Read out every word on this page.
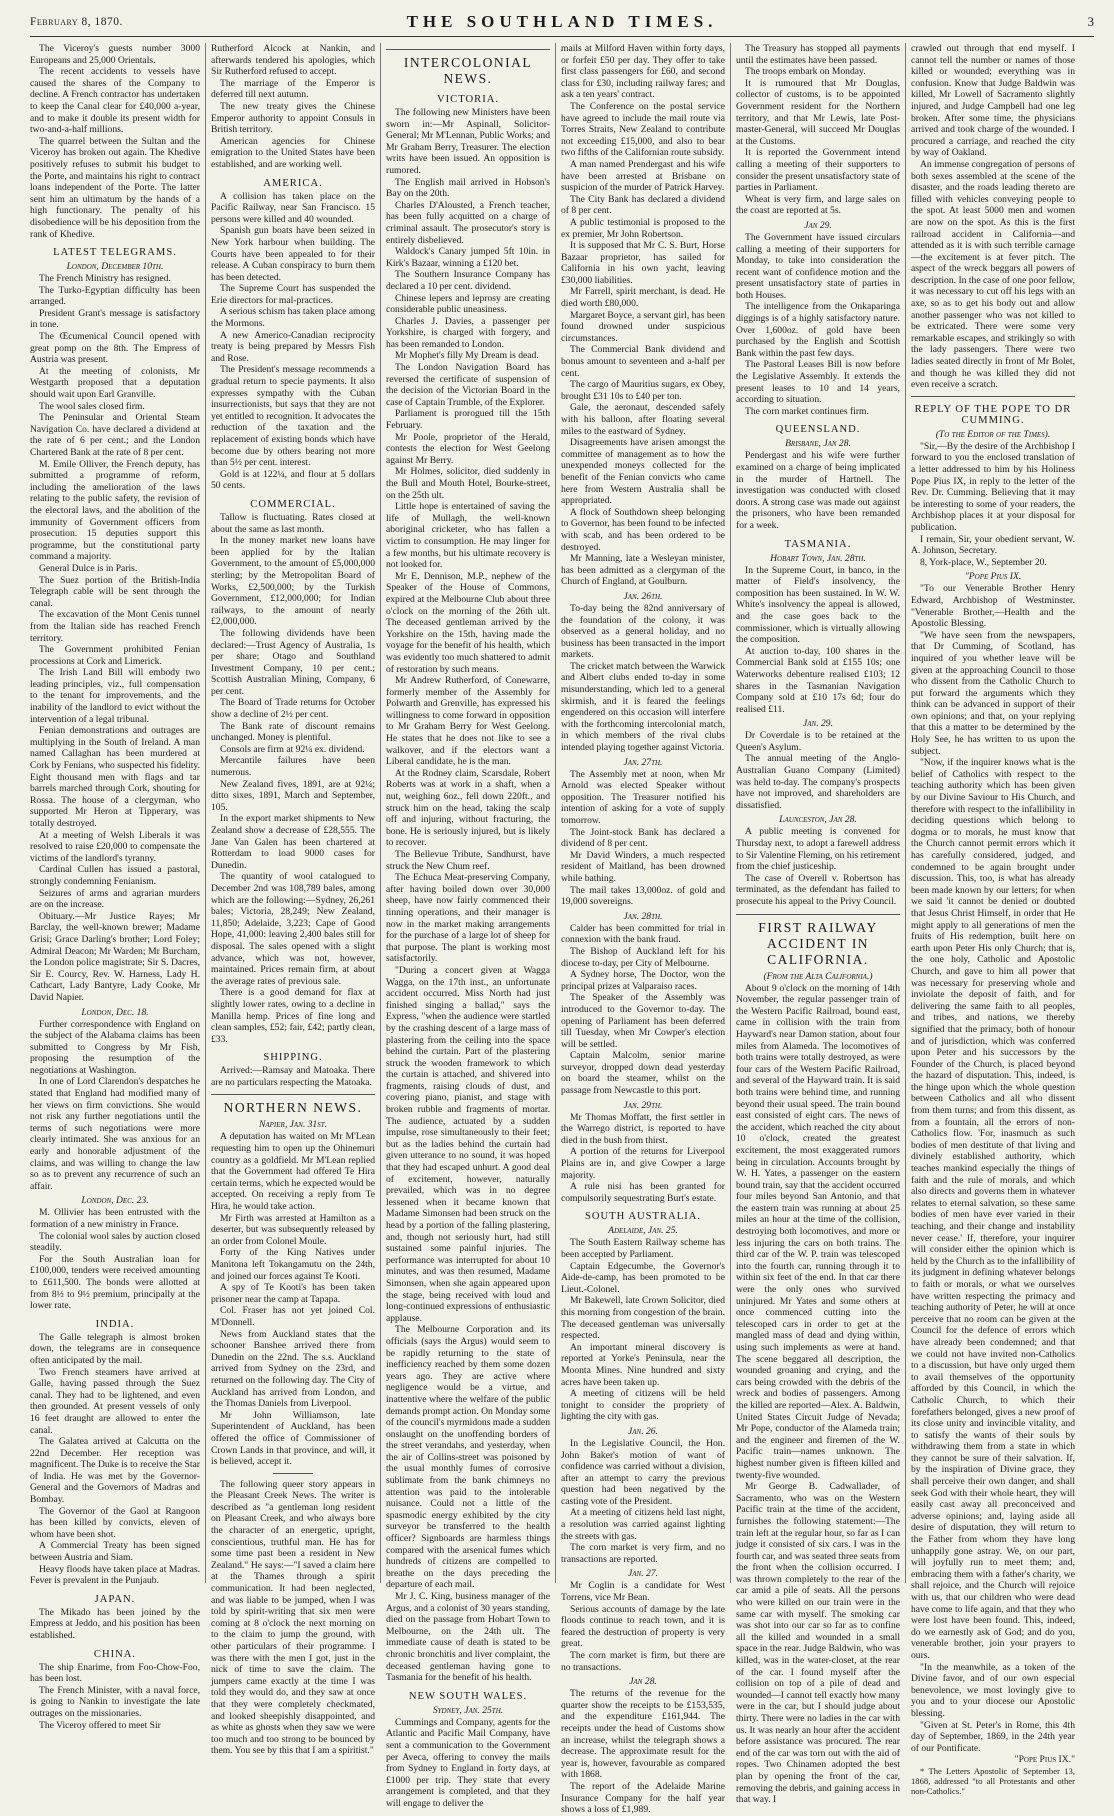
February 8, 1870.	THE SOUTHLAND TIMES.	3

The Viceroy's guests number 3000 Europeans and 25,000 Orientals.

The recent accidents to vessels have caused the shares of the Company to decline. A French contractor has undertaken to keep the Canal clear for £40,000 a-year, and to make it double its present width for two-and-a-half millions.

The quarrel between the Sultan and the Viceroy has broken out again. The Khedive positively refuses to submit his budget to the Porte, and maintains his right to contract loans independent of the Porte. The latter sent him an ultimatum by the hands of a high functionary. The penalty of his disobedience will be his deposition from the rank of Khedive.

LATEST TELEGRAMS.
London, December 10th.

The French Ministry has resigned.

The Turko-Egyptian difficulty has been arranged.

President Grant's message is satisfactory in tone.

The Œcumenical Council opened with great pomp on the 8th. The Empress of Austria was present.

At the meeting of colonists, Mr Westgarth proposed that a deputation should wait upon Earl Granville.

The wool sales closed firm.

The Peninsular and Oriental Steam Navigation Co. have declared a dividend at the rate of 6 per cent.; and the London Chartered Bank at the rate of 8 per cent.

M. Emile Olliver, the French deputy, has submitted a programme of reform, including the amelioration of the laws relating to the public safety, the revision of the electoral laws, and the abolition of the immunity of Government officers from prosecution. 15 deputies support this programme, but the constitutional party command a majority.

General Dulce is in Paris.

The Suez portion of the British-India Telegraph cable will be sent through the canal.

The excavation of the Mont Cenis tunnel from the Italian side has reached French territory.

The Government prohibited Fenian processions at Cork and Limerick.

The Irish Land Bill will embody two leading principles, viz., full compensation to the tenant for improvements, and the inability of the landlord to evict without the intervention of a legal tribunal.

Fenian demonstrations and outrages are multiplying in the South of Ireland. A man named Callaghan has been murdered at Cork by Fenians, who suspected his fidelity. Eight thousand men with flags and tar barrels marched through Cork, shouting for Rossa. The house of a clergyman, who supported Mr Heron at Tipperary, was totally destroyed.

At a meeting of Welsh Liberals it was resolved to raise £20,000 to compensate the victims of the landlord's tyranny.

Cardinal Cullen has issued a pastoral, strongly condemning Fenianism.

Seizures of arms and agrarian murders are on the increase.

Obituary.—Mr Justice Rayes; Mr Barclay, the well-known brewer; Madame Grisi; Grace Darling's brother; Lord Foley; Admiral Deacon; Mr Warden; Mr Burcham, the London police magistrate; Sir S. Dacres, Sir E. Courcy, Rev. W. Harness, Lady H. Cathcart, Lady Bantyre, Lady Cooke, Mr David Napier.

London, Dec. 18.

Further correspondence with England on the subject of the Alabama claims has been submitted to Congress by Mr Fish, proposing the resumption of the negotiations at Washington.

In one of Lord Clarendon's despatches he stated that England had modified many of her views on firm convictions. She would not risk any further negotiations until the terms of such negotiations were more clearly intimated. She was anxious for an early and honorable adjustment of the claims, and was willing to change the law so as to prevent any recurrence of such an affair.

London, Dec. 23.

M. Ollivier has been entrusted with the formation of a new ministry in France.

The colonial wool sales by auction closed steadily.

For the South Australian loan for £100,000, tenders were received amounting to £611,500. The bonds were allotted at from 8½ to 9½ premium, principally at the lower rate.

INDIA.

The Galle telegraph is almost broken down, the telegrams are in consequence often anticipated by the mail.

Two French steamers have arrived at Galle, having passed through the Suez canal. They had to be lightened, and even then grounded. At present vessels of only 16 feet draught are allowed to enter the canal.

The Galatea arrived at Calcutta on the 22nd December. Her reception was magnificent. The Duke is to receive the Star of India. He was met by the Governor-General and the Governors of Madras and Bombay.

The Governor of the Gaol at Rangoon has been killed by convicts, eleven of whom have been shot.

A Commercial Treaty has been signed between Austria and Siam.

Heavy floods have taken place at Madras. Fever is prevalent in the Punjaub.

JAPAN.

The Mikado has been joined by the Empress at Jeddo, and his position has been established.

CHINA.

The ship Enarime, from Foo-Chow-Foo, has been lost.

The French Minister, with a naval force, is going to Nankin to investigate the late outrages on the missionaries.

The Viceroy offered to meet Sir

Rutherford Alcock at Nankin, and afterwards tendered his apologies, which Sir Rutherford refused to accept.

The marriage of the Emperor is deferred till next autumn.

The new treaty gives the Chinese Emperor authority to appoint Consuls in British territory.

American agencies for Chinese emigration to the United States have been established, and are working well.

AMERICA.

A collision has taken place on the Pacific Railway, near San Francisco. 15 persons were killed and 40 wounded.

Spanish gun boats have been seized in New York harbour when building. The Courts have been appealed to for their release. A Cuban conspiracy to burn them has been detected.

The Supreme Court has suspended the Erie directors for mal-practices.

A serious schism has taken place among the Mormons.

A new Americo-Canadian reciprocity treaty is being prepared by Messrs Fish and Rose.

The President's message recommends a gradual return to specie payments. It also expresses sympathy with the Cuban insurrectionists, but says that they are not yet entitled to recognition. It advocates the reduction of the taxation and the replacement of existing bonds which have become due by others bearing not more than 5½ per cent. interest.

Gold is at 122¼, and flour at 5 dollars 50 cents.

COMMERCIAL.

Tallow is fluctuating. Rates closed at about the same as last month.

In the money market new loans have been applied for by the Italian Government, to the amount of £5,000,000 sterling; by the Metropolitan Board of Works, £2,500,000; by the Turkish Government, £12,000,000; for Indian railways, to the amount of nearly £2,000,000.

The following dividends have been declared:—Trust Agency of Australia, 1s per share; Otago and Southland Investment Company, 10 per cent.; Scottish Australian Mining, Company, 6 per cent.

The Board of Trade returns for October show a decline of 2½ per cent.

The Bank rate of discount remains unchanged. Money is plentiful.

Consols are firm at 92¼ ex. dividend.

Mercantile failures have been numerous.

New Zealand fives, 1891, are at 92¼; ditto sixes, 1891, March and September, 105.

In the export market shipments to New Zealand show a decrease of £28,555. The Jane Van Galen has been chartered at Rotterdam to load 9000 cases for Dunedin.

The quantity of wool catalogued to December 2nd was 108,789 bales, among which are the following:—Sydney, 26,261 bales; Victoria, 28,249; New Zealand, 11,850; Adelaide, 3,223; Cape of Good Hope, 41,000: leaving 2,400 bales still for disposal. The sales opened with a slight advance, which was not, however, maintained. Prices remain firm, at about the average rates of previous sale.

There is a good demand for flax at slightly lower rates, owing to a decline in Manilla hemp. Prices of fine long and clean samples, £52; fair, £42; partly clean, £33.

SHIPPING.

Arrived:—Ramsay and Matoaka. There are no particulars respecting the Matoaka.

NORTHERN NEWS.
Napier, Jan. 31st.

A deputation has waited on Mr M'Lean requesting him to open up the Ohinemuri country as a goldfield. Mr M'Lean replied that the Government had offered Te Hira certain terms, which he expected would be accepted. On receiving a reply from Te Hira, he would take action.

Mr Firth was arrested at Hamilton as a deserter, but was subsequently released by an order from Colonel Moule.

Forty of the King Natives under Manitona left Tokangamutu on the 24th, and joined our forces against Te Kooti.

A spy of Te Kooti's has been taken prisoner near the camp at Tapapa.

Col. Fraser has not yet joined Col. M'Donnell.

News from Auckland states that the schooner Banshee arrived there from Dunedin on the 22nd. The s.s. Auckland arrived from Sydney on the 23rd, and returned on the following day. The City of Auckland has arrived from London, and the Thomas Daniels from Liverpool.

Mr John Williamson, late Superintendent of Auckland, has been offered the office of Commissioner of Crown Lands in that province, and will, it is believed, accept it.

The following queer story appears in the Pleasant Creek News. The writer is described as "a gentleman long resident on Pleasant Creek, and who always bore the character of an energetic, upright, conscientious, truthful man. He has for some time past been a resident in New Zealand." He says:—"I saved a claim here at the Thames through a spirit communication. It had been neglected, and was liable to be jumped, when I was told by spirit-writing that six men were coming at 8 o'clock the next morning on to the claim to jump the ground, with other particulars of their programme. I was there with the men I got, just in the nick of time to save the claim. The jumpers came exactly at the time I was told they would do, and they saw at once that they were completely checkmated, and looked sheepishly disappointed, and as white as ghosts when they saw we were too much and too strong to be bounced by them. You see by this that I am a spiritist."

INTERCOLONIAL NEWS.
VICTORIA.

The following new Ministers have been sworn in:—Mr Aspinall, Solicitor-General; Mr M'Lennan, Public Works; and Mr Graham Berry, Treasurer. The election writs have been issued. An opposition is rumored.

The English mail arrived in Hobson's Bay on the 20th.

Charles D'Alousted, a French teacher, has been fully acquitted on a charge of criminal assault. The prosecutor's story is entirely disbelieved.

Waldock's Canary jumped 5ft 10in. in Kirk's Bazaar, winning a £120 bet.

The Southern Insurance Company has declared a 10 per cent. dividend.

Chinese lepers and leprosy are creating considerable public uneasiness.

Charles J. Davies, a passenger per Yorkshire, is charged with forgery, and has been remanded to London.

Mr Mophet's filly My Dream is dead.

The London Navigation Board has reversed the certificate of suspension of the decision of the Victorian Board in the case of Captain Trumble, of the Explorer.

Parliament is prorogued till the 15th February.

Mr Poole, proprietor of the Herald, contests the election for West Geelong against Mr Berry.

Mr Holmes, solicitor, died suddenly in the Bull and Mouth Hotel, Bourke-street, on the 25th ult.

Little hope is entertained of saving the life of Mullagh, the well-known aboriginal cricketer, who has fallen a victim to consumption. He may linger for a few months, but his ultimate recovery is not looked for.

Mr E. Dennison, M.P., nephew of the Speaker of the House of Commons, expired at the Melbourne Club about three o'clock on the morning of the 26th ult. The deceased gentleman arrived by the Yorkshire on the 15th, having made the voyage for the benefit of his health, which was evidently too much shattered to admit of restoration by such means.

Mr Andrew Rutherford, of Conewarre, formerly member of the Assembly for Polwarth and Grenville, has expressed his willingness to come forward in opposition to Mr Graham Berry for West Geelong. He states that he does not like to see a walkover, and if the electors want a Liberal candidate, he is the man.

At the Rodney claim, Scarsdale, Robert Roberts was at work in a shaft, when a nut, weighing 6oz., fell down 220ft., and struck him on the head, taking the scalp off and injuring, without fracturing, the bone. He is seriously injured, but is likely to recover.

The Bellevue Tribute, Sandhurst, have struck the New Chum reef.

The Echuca Meat-preserving Company, after having boiled down over 30,000 sheep, have now fairly commenced their tinning operations, and their manager is now in the market making arrangements for the purchase of a large lot of sheep for that purpose. The plant is working most satisfactorily.

"During a concert given at Wagga Wagga, on the 17th inst., an unfortunate accident occurred. Miss North had just finished singing a ballad," says the Express, "when the audience were startled by the crashing descent of a large mass of plastering from the ceiling into the space behind the curtain. Part of the plastering struck the wooden framework to which the curtain is attached, and shivered into fragments, raising clouds of dust, and covering piano, pianist, and stage with broken rubble and fragments of mortar. The audience, actuated by a sudden impulse, rose simultaneously to their feet; but as the ladies behind the curtain had given utterance to no sound, it was hoped that they had escaped unhurt. A good deal of excitement, however, naturally prevailed, which was in no degree lessened when it became known that Madame Simonsen had been struck on the head by a portion of the falling plastering, and, though not seriously hurt, had still sustained some painful injuries. The performance was interrupted for about 10 minutes, and was then resumed, Madame Simonsen, when she again appeared upon the stage, being received with loud and long-continued expressions of enthusiastic applause.

The Melbourne Corporation and its officials (says the Argus) would seem to be rapidly returning to the state of inefficiency reached by them some dozen years ago. They are active where negligence would be a virtue, and inattentive where the welfare of the public demands prompt action. On Monday some of the council's myrmidons made a sudden onslaught on the unoffending borders of the street verandahs, and yesterday, when the air of Collins-street was poisoned by the usual monthly fumes of corrosive sublimate from the bank chimneys no attention was paid to the intolerable nuisance. Could not a little of the spasmodic energy exhibited by the city surveyor be transferred to the health officer? Signboards are harmless things compared with the arsenical fumes which hundreds of citizens are compelled to breathe on the days preceding the departure of each mail.

Mr J. C. King, business manager of the Argus, and a colonist of 30 years standing, died on the passage from Hobart Town to Melbourne, on the 24th ult. The immediate cause of death is stated to be chronic bronchitis and liver complaint, the deceased gentleman having gone to Tasmania for the benefit of his health.

NEW SOUTH WALES.
Sydney, Jan. 25th.

Cummings and Company, agents for the Atlantic and Pacific Mail Company, have sent a communication to the Government per Aveca, offering to convey the mails from Sydney to England in forty days, at £1000 per trip. They state that every arrangement is completed, and that they will engage to deliver the

mails at Milford Haven within forty days, or forfeit £50 per day. They offer to take first class passengers for £60, and second class for £30, including railway fares; and ask a ten years' contract.

The Conference on the postal service have agreed to include the mail route via Torres Straits, New Zealand to contribute not exceeding £15,000, and also to bear two fifths of the Californian route subsidy.

A man named Prendergast and his wife have been arrested at Brisbane on suspicion of the murder of Patrick Harvey.

The City Bank has declared a dividend of 8 per cent.

A public testimonial is proposed to the ex premier, Mr John Robertson.

It is supposed that Mr C. S. Burt, Horse Bazaar proprietor, has sailed for California in his own yacht, leaving £30,000 liabilities.

Mr Farrell, spirit merchant, is dead. He died worth £80,000.

Margaret Boyce, a servant girl, has been found drowned under suspicious circumstances.

The Commercial Bank dividend and bonus amount to seventeen and a-half per cent.

The cargo of Mauritius sugars, ex Obey, brought £31 10s to £40 per ton.

Gale, the aeronaut, descended safely with his balloon, after floating several miles to the eastward of Sydney.

Disagreements have arisen amongst the committee of management as to how the unexpended moneys collected for the benefit of the Fenian convicts who came here from Western Australia shall be appropriated.

A flock of Southdown sheep belonging to Governor, has been found to be infected with scab, and has been ordered to be destroyed.

Mr Manning, late a Wesleyan minister, has been admitted as a clergyman of the Church of England, at Goulburn.

Jan. 26th.

To-day being the 82nd anniversary of the foundation of the colony, it was observed as a general holiday, and no business has been transacted in the import markets.

The cricket match between the Warwick and Albert clubs ended to-day in some misunderstanding, which led to a general skirmish, and it is feared the feelings engendered on this occasion will interfere with the forthcoming intercolonial match, in which members of the rival clubs intended playing together against Victoria.

Jan. 27th.

The Assembly met at noon, when Mr Arnold was elected Speaker without opposition. The Treasurer notified his intention of asking for a vote of supply tomorrow.

The Joint-stock Bank has declared a dividend of 8 per cent.

Mr David Winders, a much respected resident of Maitland, has been drowned while bathing.

The mail takes 13,000oz. of gold and 19,000 sovereigns.

Jan. 28th.

Calder has been committed for trial in connexion with the bank fraud.

The Bishop of Auckland left for his diocese to-day, per City of Melbourne.

A Sydney horse, The Doctor, won the principal prizes at Valparaiso races.

The Speaker of the Assembly was introduced to the Governor to-day. The opening of Parliament has been deferred till Tuesday, when Mr Cowper's election will be settled.

Captain Malcolm, senior marine surveyor, dropped down dead yesterday on board the steamer, whilst on the passage from Newcastle to this port.

Jan. 29th.

Mr Thomas Moffatt, the first settler in the Warrego district, is reported to have died in the bush from thirst.

A portion of the returns for Liverpool Plains are in, and give Cowper a large majority.

A rule nisi has been granted for compulsorily sequestrating Burt's estate.

SOUTH AUSTRALIA.
Adelaide, Jan. 25.

The South Eastern Railway scheme has been accepted by Parliament.

Captain Edgecumbe, the Governor's Aide-de-camp, has been promoted to be Lieut.-Colonel.

Mr Bakewell, late Crown Solicitor, died this morning from congestion of the brain. The deceased gentleman was universally respected.

An important mineral discovery is reported at Yorke's Peninsula, near the Moonta Mines. Nine hundred and sixty acres have been taken up.

A meeting of citizens will be held tonight to consider the propriety of lighting the city with gas.

Jan. 26.

In the Legislative Council, the Hon. John Baker's motion of want of confidence was carried without a division, after an attempt to carry the previous question had been negatived by the casting vote of the President.

At a meeting of citizens held last night, a resolution was carried against lighting the streets with gas.

The corn market is very firm, and no transactions are reported.

Jan. 27.

Mr Coglin is a candidate for West Torrens, vice Mr Bean.

Serious accounts of damage by the late floods continue to reach town, and it is feared the destruction of property is very great.

The corn market is firm, but there are no transactions.

Jan 28.

The returns of the revenue for the quarter show the receipts to be £153,535, and the expenditure £161,944. The receipts under the head of Customs show an increase, whilst the telegraph shows a decrease. The approximate result for the year is, however, favourable as compared with 1868.

The report of the Adelaide Marine Insurance Company for the half year shows a loss of £1,989.

The Treasury has stopped all payments until the estimates have been passed.

The troops embark on Monday.

It is rumoured that Mr Douglas, collector of customs, is to be appointed Government resident for the Northern territory, and that Mr Lewis, late Post-master-General, will succeed Mr Douglas at the Customs.

It is reported the Government intend calling a meeting of their supporters to consider the present unsatisfactory state of parties in Parliament.

Wheat is very firm, and large sales on the coast are reported at 5s.

Jan 29.

The Government have issued circulars calling a meeting of their supporters for Monday, to take into consideration the recent want of confidence motion and the present unsatisfactory state of parties in both Houses.

The intelligence from the Onkaparinga diggings is of a highly satisfactory nature. Over 1,600oz. of gold have been purchased by the English and Scottish Bank within the past few days.

The Pastoral Leases Bill is now before the Legislative Assembly. It extends the present leases to 10 and 14 years, according to situation.

The corn market continues firm.

QUEENSLAND.
Brisbane, Jan 28.

Pendergast and his wife were further examined on a charge of being implicated in the murder of Hartnell. The investigation was conducted with closed doors. A strong case was made out against the prisoners, who have been remanded for a week.

TASMANIA.
Hobart Town, Jan. 28th.

In the Supreme Court, in banco, in the matter of Field's insolvency, the composition has been sustained. In W. W. White's insolvency the appeal is allowed, and the case goes back to the commissioner, which is virtually allowing the composition.

At auction to-day, 100 shares in the Commercial Bank sold at £155 10s; one Waterworks debenture realised £103; 12 shares in the Tasmanian Navigation Company sold at £10 17s 6d; four do realised £11.

Jan. 29.

Dr Coverdale is to be retained at the Queen's Asylum.

The annual meeting of the Anglo-Australian Guano Company (Limited) was held to-day. The company's prospects have not improved, and shareholders are dissatisfied.

Launceston, Jan 28.

A public meeting is convened for Thursday next, to adopt a farewell address to Sir Valentine Fleming, on his retirement from the chief justiceship.

The case of Overell v. Robertson has terminated, as the defendant has failed to prosecute his appeal to the Privy Council.

FIRST RAILWAY ACCIDENT IN CALIFORNIA.
(From the Alta California.)

About 9 o'clock on the morning of 14th November, the regular passenger train of the Western Pacific Railroad, bound east, came in collision with the train from Hayward's near Damon station, about four miles from Alameda. The locomotives of both trains were totally destroyed, as were four cars of the Western Pacific Railroad, and several of the Hayward train. It is said both trains were behind time, and running beyond their usual speed. The train bound east consisted of eight cars. The news of the accident, which reached the city about 10 o'clock, created the greatest excitement, the most exaggerated rumors being in circulation. Accounts brought by W. H. Yates, a passenger on the eastern bound train, say that the accident occurred four miles beyond San Antonio, and that the eastern train was running at about 25 miles an hour at the time of the collision, destroying both locomotives, and more or less injuring the cars on both trains. The third car of the W. P. train was telescoped into the fourth car, running through it to within six feet of the end. In that car there were the only ones who survived uninjured. Mr Yates and some others at once commenced cutting into the telescoped cars in order to get at the mangled mass of dead and dying within, using such implements as were at hand. The scene beggared all description, the wounded groaning and crying, and the cars being crowded with the debris of the wreck and bodies of passengers. Among the killed are reported—Alex. A. Baldwin, United States Circuit Judge of Nevada; Mr Pope, conductor of the Alameda train; and the engineer and firemen of the W. Pacific train—names unknown. The highest number given is fifteen killed and twenty-five wounded.

Mr George B. Cadwallader, of Sacramento, who was on the Western Pacific train at the time of the accident, furnishes the following statement:—The train left at the regular hour, so far as I can judge it consisted of six cars. I was in the fourth car, and was seated three seats from the front when the collision occurred. I was thrown completely to the rear of the car amid a pile of seats. All the persons who were killed on our train were in the same car with myself. The smoking car was shot into our car so far as to confine all the killed and wounded in a small space in the rear. Judge Baldwin, who was killed, was in the water-closet, at the rear of the car. I found myself after the collision on top of a pile of dead and wounded—I cannot tell exactly how many were in the car, but I should judge about thirty. There were no ladies in the car with us. It was nearly an hour after the accident before assistance was procured. The rear end of the car was torn out with the aid of ropes. Two Chinamen adopted the best plan by opening the front of the car, removing the debris, and gaining access in that way. I

crawled out through that end myself. I cannot tell the number or names of those killed or wounded; everything was in confusion. Know that Judge Baldwin was killed, Mr Lowell of Sacramento slightly injured, and Judge Campbell had one leg broken. After some time, the physicians arrived and took charge of the wounded. I procured a carriage, and reached the city by way of Oakland.

An immense congregation of persons of both sexes assembled at the scene of the disaster, and the roads leading thereto are filled with vehicles conveying people to the spot. At least 5000 men and women are now on the spot. As this is the first railroad accident in California—and attended as it is with such terrible carnage—the excitement is at fever pitch. The aspect of the wreck beggars all powers of description. In the case of one poor fellow, it was necessary to cut off his legs with an axe, so as to get his body out and allow another passenger who was not killed to be extricated. There were some very remarkable escapes, and strikingly so with the lady passengers. There were two ladies seated directly in front of Mr Bolet, and though he was killed they did not even receive a scratch.

REPLY OF THE POPE TO DR CUMMING.
(To the Editor of the Times).

"Sir,—By the desire of the Archbishop I forward to you the enclosed translation of a letter addressed to him by his Holiness Pope Pius IX, in reply to the letter of the Rev. Dr. Cumming. Believing that it may be interesting to some of your readers, the Archbishop places it at your disposal for publication.

I remain, Sir, your obedient servant, W. A. Johnson, Secretary.

8, York-place, W., September 20.

"Pope Pius IX.

"To our Venerable Brother Henry Edward, Archbishop of Westminster. "Venerable Brother,—Health and the Apostolic Blessing.

"We have seen from the newspapers, that Dr Cumming, of Scotland, has inquired of you whether leave will be given at the approaching Council to those who dissent from the Catholic Church to put forward the arguments which they think can be advanced in support of their own opinions; and that, on your replying that this a matter to be determined by the Holy See, he has written to us upon the subject.

"Now, if the inquirer knows what is the belief of Catholics with respect to the teaching authority which has been given by our Divine Saviour to His Church, and therefore with respect to the infallibility in deciding questions which belong to dogma or to morals, he must know that the Church cannot permit errors which it has carefully considered, judged, and condemned to be again brought under discussion. This, too, is what has already been made known by our letters; for when we said 'it cannot be denied or doubted that Jesus Christ Himself, in order that He might apply to all generations of men the fruits of His redemption, built here on earth upon Peter His only Church; that is, the one holy, Catholic and Apostolic Church, and gave to him all power that was necessary for preserving whole and inviolate the deposit of faith, and for delivering the same faith to all peoples, and tribes, and nations, we thereby signified that the primacy, both of honour and of jurisdiction, which was conferred upon Peter and his successors by the Founder of the Church, is placed beyond the hazard of disputation. This, indeed, is the hinge upon which the whole question between Catholics and all who dissent from them turns; and from this dissent, as from a fountain, all the errors of non-Catholics flow. 'For, inasmuch as such bodies of men destitute of that living and divinely established authority, which teaches mankind especially the things of faith and the rule of morals, and which also directs and governs them in whatever relates to eternal salvation, so these same bodies of men have ever varied in their teaching, and their change and instability never cease.' If, therefore, your inquirer will consider either the opinion which is held by the Church as to the infallibility of its judgment in defining whatever belongs to faith or morals, or what we ourselves have written respecting the primacy and teaching authority of Peter, he will at once perceive that no room can be given at the Council for the defence of errors which have already been condemned; and that we could not have invited non-Catholics to a discussion, but have only urged them to avail themselves of the opportunity afforded by this Council, in which the Catholic Church, to which their forefathers belonged, gives a new proof of its close unity and invincible vitality, and to satisfy the wants of their souls by withdrawing them from a state in which they cannot be sure of their salvation. If, by the inspiration of Divine grace, they shall perceive their own danger, and shall seek God with their whole heart, they will easily cast away all preconceived and adverse opinions; and, laying aside all desire of disputation, they will return to the Father from whom they have long unhappily gone astray. We, on our part, will joyfully run to meet them; and, embracing them with a father's charity, we shall rejoice, and the Church will rejoice with us, that our children who were dead have come to life again, and that they who were lost have been found. This, indeed, do we earnestly ask of God; and do you, venerable brother, join your prayers to ours.

"In the meanwhile, as a token of the Divine favor, and of our own especial benevolence, we most lovingly give to you and to your diocese our Apostolic blessing.

"Given at St. Peter's in Rome, this 4th day of September, 1869, in the 24th year of our Pontificate.

"Pope Pius IX."

* The Letters Apostolic of September 13, 1868, addressed "to all Protestants and other non-Catholics."
